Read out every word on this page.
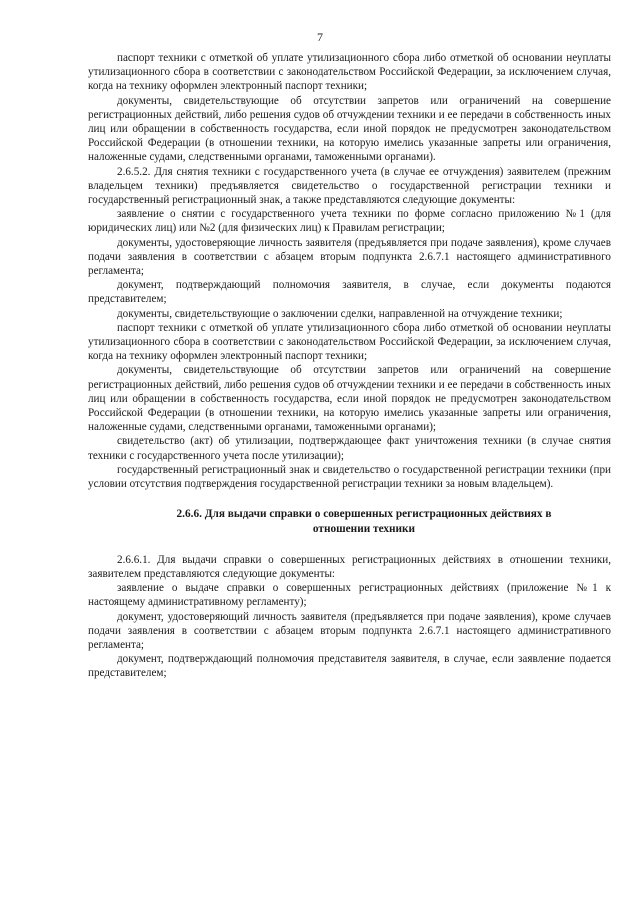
7

паспорт техники с отметкой об уплате утилизационного сбора либо отметкой об основании неуплаты утилизационного сбора в соответствии с законодательством Российской Федерации, за исключением случая, когда на технику оформлен электронный паспорт техники;

документы, свидетельствующие об отсутствии запретов или ограничений на совершение регистрационных действий, либо решения судов об отчуждении техники и ее передачи в собственность иных лиц или обращении в собственность государства, если иной порядок не предусмотрен законодательством Российской Федерации (в отношении техники, на которую имелись указанные запреты или ограничения, наложенные судами, следственными органами, таможенными органами).

2.6.5.2. Для снятия техники с государственного учета (в случае ее отчуждения) заявителем (прежним владельцем техники) предъявляется свидетельство о государственной регистрации техники и государственный регистрационный знак, а также представляются следующие документы:

заявление о снятии с государственного учета техники по форме согласно приложению №1 (для юридических лиц) или №2 (для физических лиц) к Правилам регистрации;

документы, удостоверяющие личность заявителя (предъявляется при подаче заявления), кроме случаев подачи заявления в соответствии с абзацем вторым подпункта 2.6.7.1 настоящего административного регламента;

документ, подтверждающий полномочия заявителя, в случае, если документы подаются представителем;

документы, свидетельствующие о заключении сделки, направленной на отчуждение техники;

паспорт техники с отметкой об уплате утилизационного сбора либо отметкой об основании неуплаты утилизационного сбора в соответствии с законодательством Российской Федерации, за исключением случая, когда на технику оформлен электронный паспорт техники;

документы, свидетельствующие об отсутствии запретов или ограничений на совершение регистрационных действий, либо решения судов об отчуждении техники и ее передачи в собственность иных лиц или обращении в собственность государства, если иной порядок не предусмотрен законодательством Российской Федерации (в отношении техники, на которую имелись указанные запреты или ограничения, наложенные судами, следственными органами, таможенными органами);

свидетельство (акт) об утилизации, подтверждающее факт уничтожения техники (в случае снятия техники с государственного учета после утилизации);

государственный регистрационный знак и свидетельство о государственной регистрации техники (при условии отсутствия подтверждения государственной регистрации техники за новым владельцем).

2.6.6. Для выдачи справки о совершенных регистрационных действиях в
отношении техники

2.6.6.1. Для выдачи справки о совершенных регистрационных действиях в отношении техники, заявителем представляются следующие документы:

заявление о выдаче справки о совершенных регистрационных действиях (приложение №1 к настоящему административному регламенту);

документ, удостоверяющий личность заявителя (предъявляется при подаче заявления), кроме случаев подачи заявления в соответствии с абзацем вторым подпункта 2.6.7.1 настоящего административного регламента;

документ, подтверждающий полномочия представителя заявителя, в случае, если заявление подается представителем;
